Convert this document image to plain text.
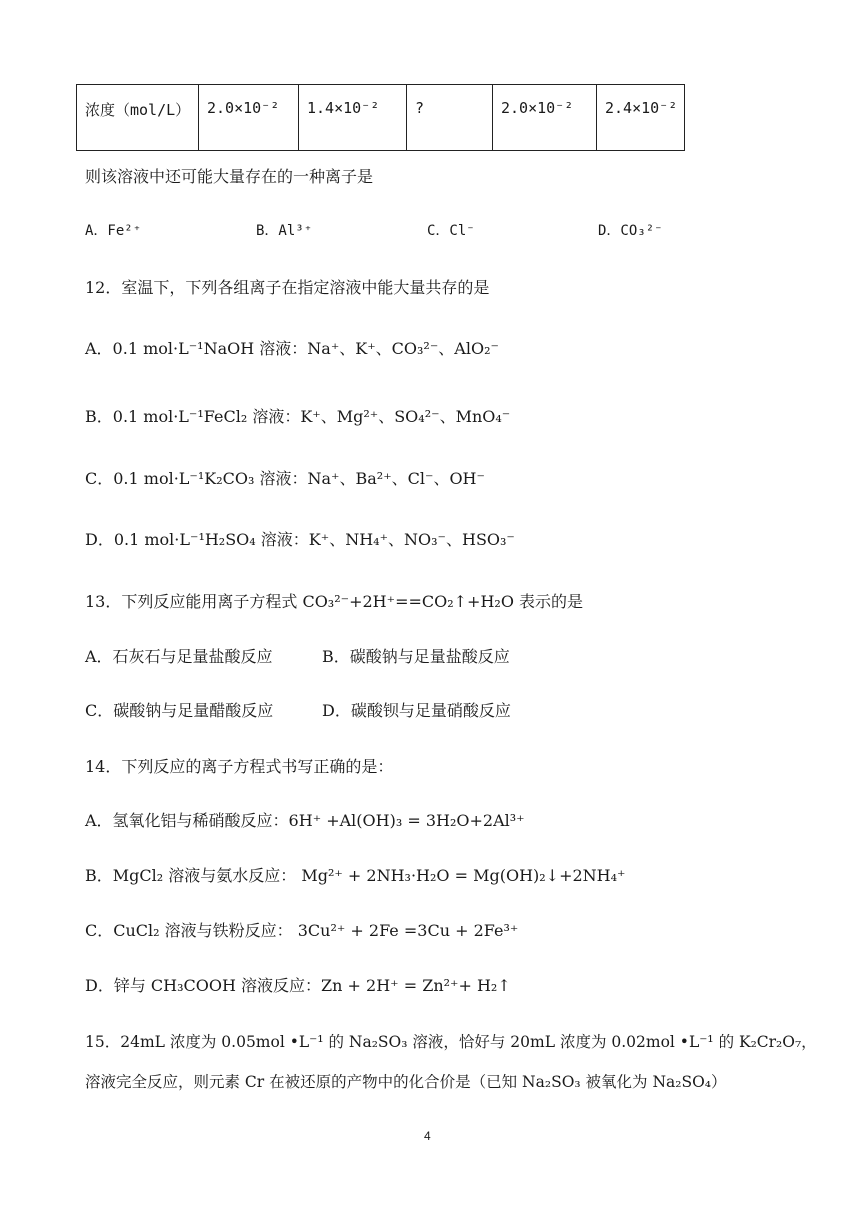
浓度（mol/L）	2.0×10⁻²	1.4×10⁻²	?	2.0×10⁻²	2.4×10⁻²
则该溶液中还可能大量存在的一种离子是
A．Fe²⁺	B．Al³⁺	C．Cl⁻	D．CO₃²⁻
12．室温下，下列各组离子在指定溶液中能大量共存的是
A．0.1 mol·L⁻¹NaOH 溶液：Na⁺、K⁺、CO₃²⁻、AlO₂⁻
B．0.1 mol·L⁻¹FeCl₂ 溶液：K⁺、Mg²⁺、SO₄²⁻、MnO₄⁻
C．0.1 mol·L⁻¹K₂CO₃ 溶液：Na⁺、Ba²⁺、Cl⁻、OH⁻
D．0.1 mol·L⁻¹H₂SO₄ 溶液：K⁺、NH₄⁺、NO₃⁻、HSO₃⁻
13．下列反应能用离子方程式 CO₃²⁻+2H⁺==CO₂↑+H₂O 表示的是
A．石灰石与足量盐酸反应	B．碳酸钠与足量盐酸反应
C．碳酸钠与足量醋酸反应	D．碳酸钡与足量硝酸反应
14．下列反应的离子方程式书写正确的是：
A．氢氧化铝与稀硝酸反应：6H⁺ +Al(OH)₃ = 3H₂O+2Al³⁺
B．MgCl₂ 溶液与氨水反应： Mg²⁺ + 2NH₃·H₂O = Mg(OH)₂↓+2NH₄⁺
C．CuCl₂ 溶液与铁粉反应： 3Cu²⁺ + 2Fe =3Cu + 2Fe³⁺
D．锌与 CH₃COOH 溶液反应：Zn + 2H⁺ = Zn²⁺+ H₂↑
15．24mL 浓度为 0.05mol •L⁻¹ 的 Na₂SO₃ 溶液，恰好与 20mL 浓度为 0.02mol •L⁻¹ 的 K₂Cr₂O₇，
溶液完全反应，则元素 Cr 在被还原的产物中的化合价是（已知 Na₂SO₃ 被氧化为 Na₂SO₄）
4
